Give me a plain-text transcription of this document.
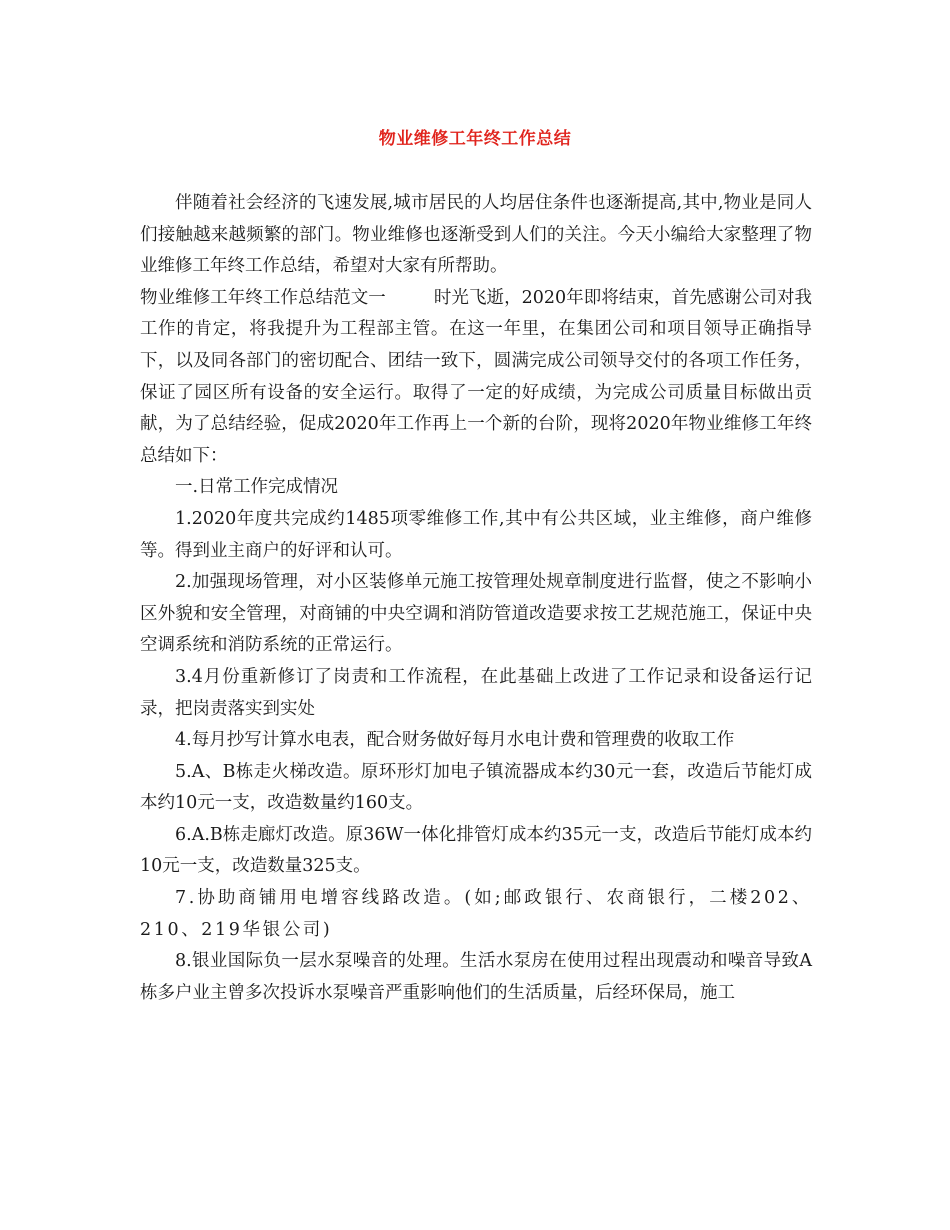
物业维修工年终工作总结

伴随着社会经济的飞速发展,城市居民的人均居住条件也逐渐提高,其中,物业是同人们接触越来越频繁的部门。物业维修也逐渐受到人们的关注。今天小编给大家整理了物业维修工年终工作总结，希望对大家有所帮助。

物业维修工年终工作总结范文一	时光飞逝，2020年即将结束，首先感谢公司对我工作的肯定，将我提升为工程部主管。在这一年里，在集团公司和项目领导正确指导下，以及同各部门的密切配合、团结一致下，圆满完成公司领导交付的各项工作任务，保证了园区所有设备的安全运行。取得了一定的好成绩，为完成公司质量目标做出贡献，为了总结经验，促成2020年工作再上一个新的台阶，现将2020年物业维修工年终总结如下：

一.日常工作完成情况

1.2020年度共完成约1485项零维修工作,其中有公共区域，业主维修，商户维修等。得到业主商户的好评和认可。

2.加强现场管理，对小区装修单元施工按管理处规章制度进行监督，使之不影响小区外貌和安全管理，对商铺的中央空调和消防管道改造要求按工艺规范施工，保证中央空调系统和消防系统的正常运行。

3.4月份重新修订了岗责和工作流程，在此基础上改进了工作记录和设备运行记录，把岗责落实到实处

4.每月抄写计算水电表，配合财务做好每月水电计费和管理费的收取工作

5.A、B栋走火梯改造。原环形灯加电子镇流器成本约30元一套，改造后节能灯成本约10元一支，改造数量约160支。

6.A.B栋走廊灯改造。原36W一体化排管灯成本约35元一支，改造后节能灯成本约10元一支，改造数量325支。

7.协助商铺用电增容线路改造。(如;邮政银行、农商银行，二楼202、210、219华银公司)

8.银业国际负一层水泵噪音的处理。生活水泵房在使用过程出现震动和噪音导致A栋多户业主曾多次投诉水泵噪音严重影响他们的生活质量，后经环保局，施工
